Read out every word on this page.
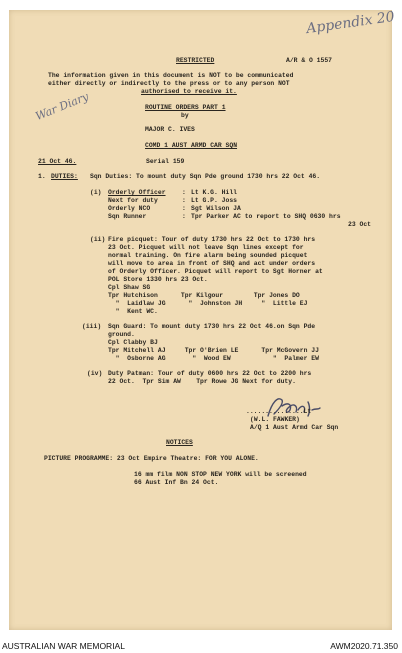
Appendix 20
War Diary
RESTRICTED	A/R & O 1557
The information given in this document is NOT to be communicated
either directly or indirectly to the press or to any person NOT
authorised to receive it.
ROUTINE ORDERS PART 1
by
MAJOR C. IVES
COMD 1 AUST ARMD CAR SQN
21 Oct 46.	Serial 159
1. DUTIES: Sqn Duties: To mount duty Sqn Pde ground 1730 hrs 22 Oct 46.
(i) Orderly Officer	: Lt K.G. Hill
Next for duty	: Lt G.P. Joss
Orderly NCO	: Sgt Wilson JA
Sqn Runner	: Tpr Parker AC to report to SHQ 0630 hrs
23 Oct
(ii) Fire picquet: Tour of duty 1730 hrs 22 Oct to 1730 hrs
23 Oct. Picquet will not leave Sqn lines except for
normal training. On fire alarm being sounded picquet
will move to area in front of SHQ and act under orders
of Orderly Officer. Picquet will report to Sgt Horner at
POL Store 1330 hrs 23 Oct.
Cpl Shaw SG
Tpr Hutchison      Tpr Kilgour        Tpr Jones DO
"  Laidlaw JG      "  Johnston JH     "  Little EJ
"  Kent WC.
(iii) Sqn Guard: To mount duty 1730 hrs 22 Oct 46.on Sqn Pde
ground.
Cpl Clabby BJ
Tpr Mitchell AJ     Tpr O'Brien LE      Tpr McGovern JJ
"  Osborne AG       "  Wood EW           "  Palmer EW
(iv) Duty Patman: Tour of duty 0600 hrs 22 Oct to 2200 hrs
22 Oct.  Tpr Sim AW    Tpr Rowe JG Next for duty.
...............Lt
(W.L. FAWKER)
A/Q 1 Aust Armd Car Sqn
NOTICES
PICTURE PROGRAMME: 23 Oct Empire Theatre: FOR YOU ALONE.
16 mm film NON STOP NEW YORK will be screened
66 Aust Inf Bn 24 Oct.
AUSTRALIAN WAR MEMORIAL	AWM2020.71.350
